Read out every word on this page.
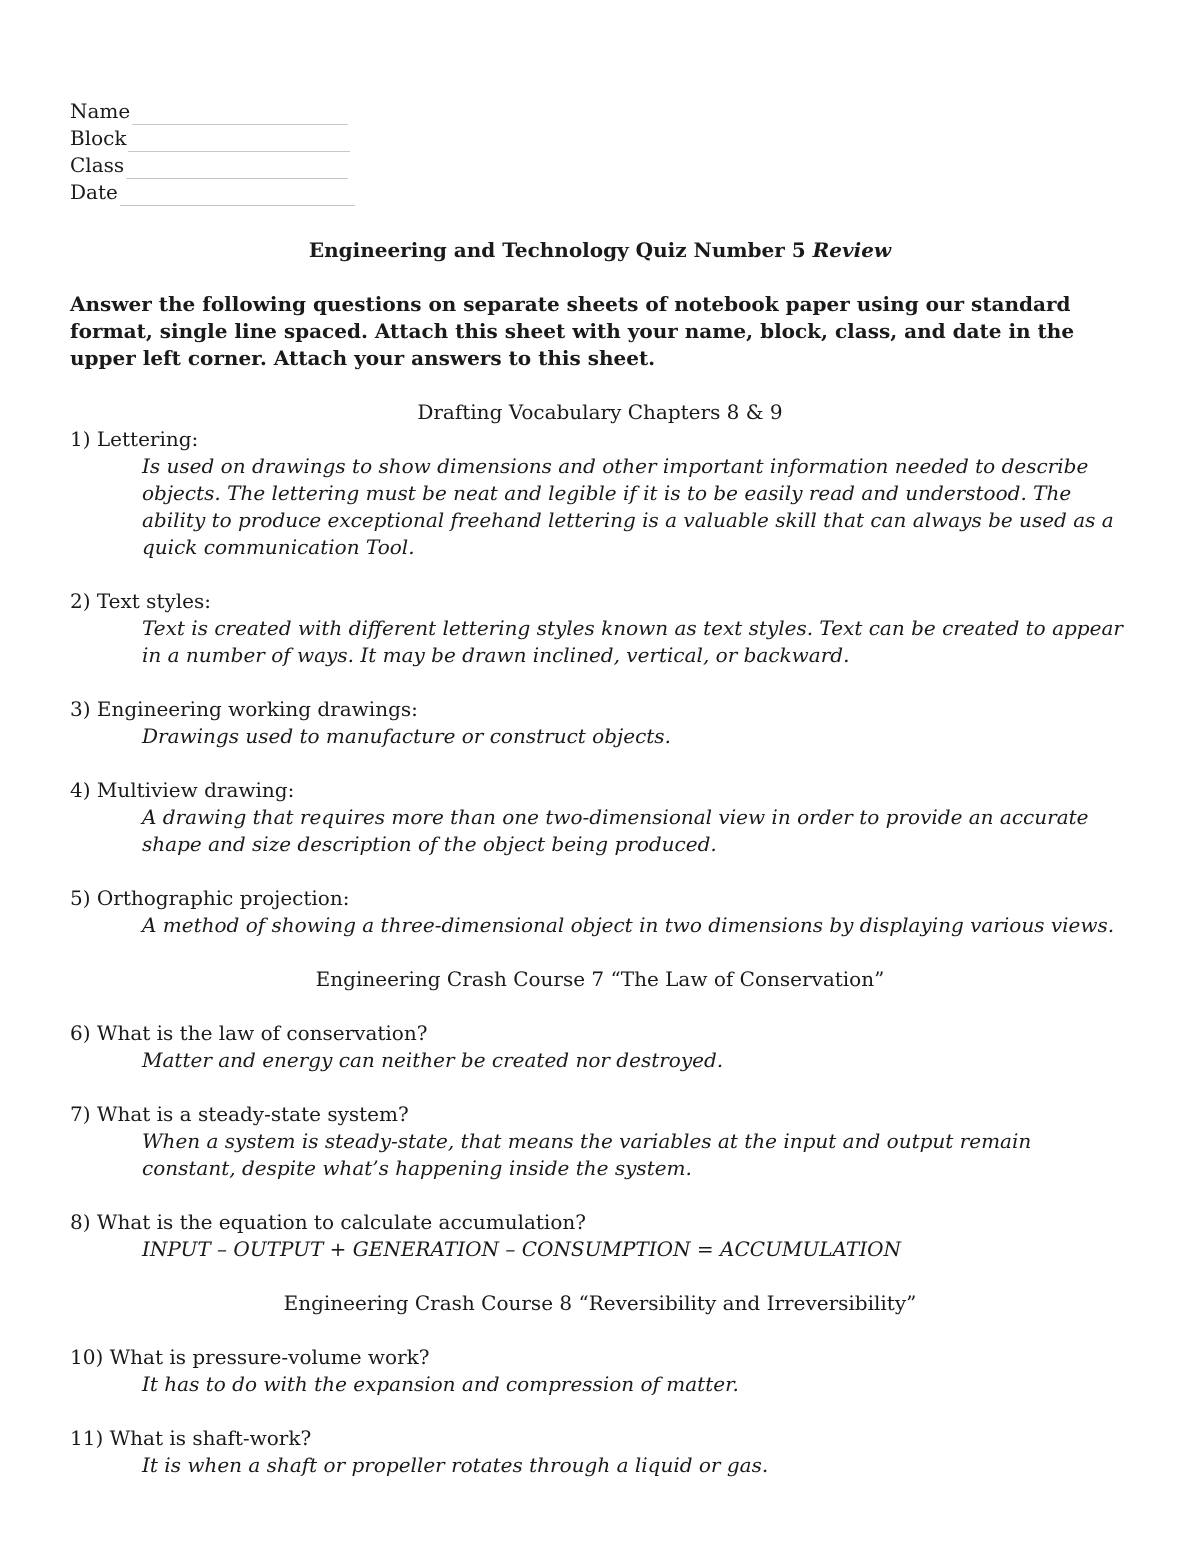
Name
Block
Class
Date
Engineering and Technology Quiz Number 5 Review
Answer the following questions on separate sheets of notebook paper using our standard format, single line spaced. Attach this sheet with your name, block, class, and date in the upper left corner. Attach your answers to this sheet.
Drafting Vocabulary Chapters 8 & 9
1) Lettering:
Is used on drawings to show dimensions and other important information needed to describe objects. The lettering must be neat and legible if it is to be easily read and understood. The ability to produce exceptional freehand lettering is a valuable skill that can always be used as a quick communication Tool.
2) Text styles:
Text is created with different lettering styles known as text styles. Text can be created to appear in a number of ways. It may be drawn inclined, vertical, or backward.
3) Engineering working drawings:
Drawings used to manufacture or construct objects.
4) Multiview drawing:
A drawing that requires more than one two-dimensional view in order to provide an accurate shape and size description of the object being produced.
5) Orthographic projection:
A method of showing a three-dimensional object in two dimensions by displaying various views.
Engineering Crash Course 7 “The Law of Conservation”
6) What is the law of conservation?
Matter and energy can neither be created nor destroyed.
7) What is a steady-state system?
When a system is steady-state, that means the variables at the input and output remain constant, despite what’s happening inside the system.
8) What is the equation to calculate accumulation?
INPUT – OUTPUT + GENERATION – CONSUMPTION = ACCUMULATION
Engineering Crash Course 8 “Reversibility and Irreversibility”
10) What is pressure-volume work?
It has to do with the expansion and compression of matter.
11) What is shaft-work?
It is when a shaft or propeller rotates through a liquid or gas.
